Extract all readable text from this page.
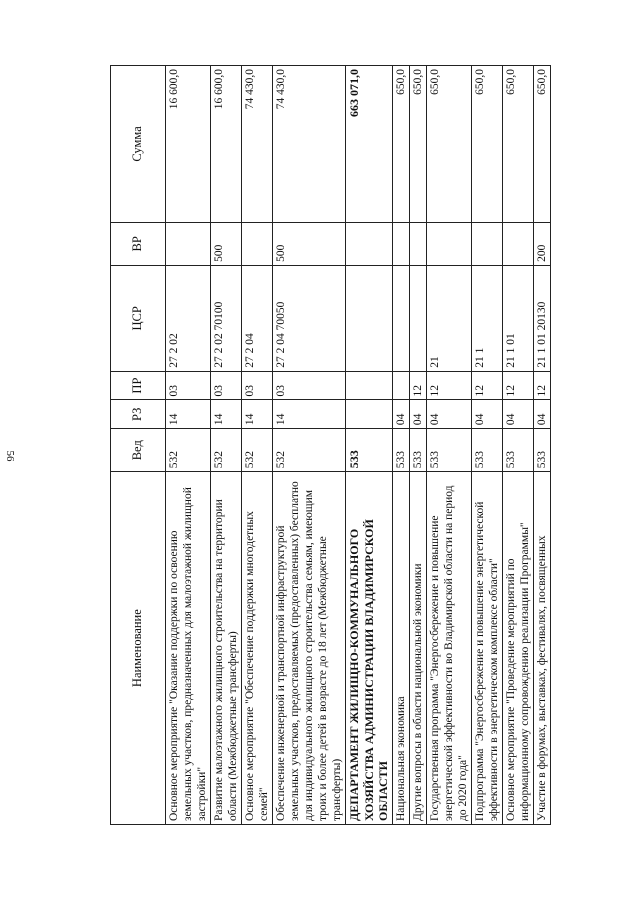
56
Наименование	Вед	РЗ	ПР	ЦСР	ВР	Сумма
Основное мероприятие "Оказание поддержки по освоению земельных участков, предназначенных для малоэтажной жилищной застройки"	532	14	03	27 2 02		16 600,0
Развитие малоэтажного жилищного строительства на территории области (Межбюджетные трансферты)	532	14	03	27 2 02 70100	500	16 600,0
Основное мероприятие "Обеспечение поддержки многодетных семей"	532	14	03	27 2 04		74 430,0
Обеспечение инженерной и транспортной инфраструктурой земельных участков, предоставляемых (предоставленных) бесплатно для индивидуального жилищного строительства семьям, имеющим троих и более детей в возрасте до 18 лет (Межбюджетные трансферты)	532	14	03	27 2 04 70050	500	74 430,0
ДЕПАРТАМЕНТ ЖИЛИЩНО-КОММУНАЛЬНОГО ХОЗЯЙСТВА АДМИНИСТРАЦИИ ВЛАДИМИРСКОЙ ОБЛАСТИ	533					663 071,0
Национальная экономика	533	04				650,0
Другие вопросы в области национальной экономики	533	04	12			650,0
Государственная программа "Энергосбережение и повышение энергетической эффективности во Владимирской области на период до 2020 года"	533	04	12	21		650,0
Подпрограмма "Энергосбережение и повышение энергетической эффективности в энергетическом комплексе области"	533	04	12	21 1		650,0
Основное мероприятие "Проведение мероприятий по информационному сопровождению реализации Программы"	533	04	12	21 1 01		650,0
Участие в форумах, выставках, фестивалях, посвященных	533	04	12	21 1 01 20130	200	650,0
